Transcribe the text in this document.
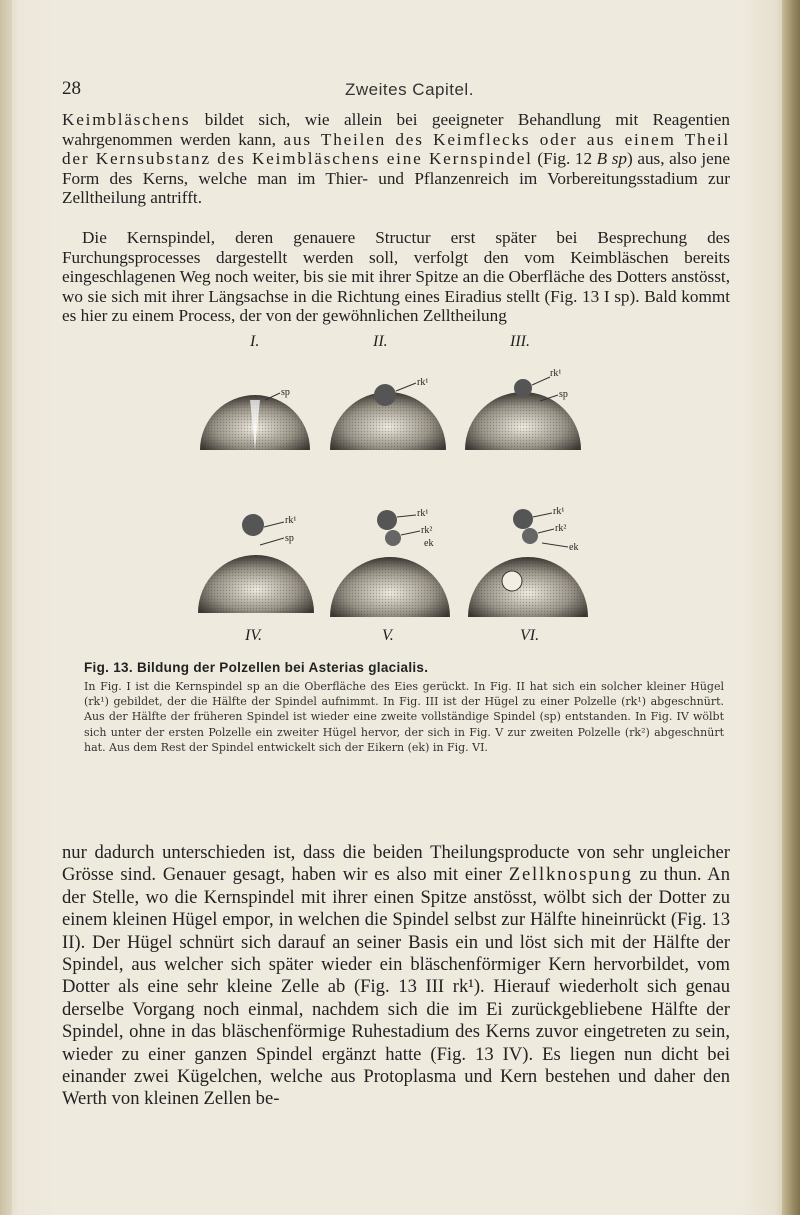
28	Zweites Capitel.
Keimbläschens bildet sich, wie allein bei geeigneter Behandlung mit Reagentien wahrgenommen werden kann, aus Theilen des Keimflecks oder aus einem Theil der Kernsubstanz des Keimbläschens eine Kernspindel (Fig. 12 B sp) aus, also jene Form des Kerns, welche man im Thier- und Pflanzenreich im Vorbereitungsstadium zur Zelltheilung antrifft.
Die Kernspindel, deren genauere Structur erst später bei Besprechung des Furchungsprocesses dargestellt werden soll, verfolgt den vom Keimbläschen bereits eingeschlagenen Weg noch weiter, bis sie mit ihrer Spitze an die Oberfläche des Dotters anstösst, wo sie sich mit ihrer Längsachse in die Richtung eines Eiradius stellt (Fig. 13 I sp). Bald kommt es hier zu einem Process, der von der gewöhnlichen Zelltheilung
sp
rk¹
rk¹
sp
rk¹
sp
rk¹
rk²
ek
rk¹
rk²
ek
I.	II.	III.
IV.	V.	VI.
Fig. 13. Bildung der Polzellen bei Asterias glacialis.
In Fig. I ist die Kernspindel sp an die Oberfläche des Eies gerückt. In Fig. II hat sich ein solcher kleiner Hügel (rk¹) gebildet, der die Hälfte der Spindel aufnimmt. In Fig. III ist der Hügel zu einer Polzelle (rk¹) abgeschnürt. Aus der Hälfte der früheren Spindel ist wieder eine zweite vollständige Spindel (sp) entstanden. In Fig. IV wölbt sich unter der ersten Polzelle ein zweiter Hügel hervor, der sich in Fig. V zur zweiten Polzelle (rk²) abgeschnürt hat. Aus dem Rest der Spindel entwickelt sich der Eikern (ek) in Fig. VI.
nur dadurch unterschieden ist, dass die beiden Theilungsproducte von sehr ungleicher Grösse sind. Genauer gesagt, haben wir es also mit einer Zellknospung zu thun. An der Stelle, wo die Kernspindel mit ihrer einen Spitze anstösst, wölbt sich der Dotter zu einem kleinen Hügel empor, in welchen die Spindel selbst zur Hälfte hineinrückt (Fig. 13 II). Der Hügel schnürt sich darauf an seiner Basis ein und löst sich mit der Hälfte der Spindel, aus welcher sich später wieder ein bläschenförmiger Kern hervorbildet, vom Dotter als eine sehr kleine Zelle ab (Fig. 13 III rk¹). Hierauf wiederholt sich genau derselbe Vorgang noch einmal, nachdem sich die im Ei zurückgebliebene Hälfte der Spindel, ohne in das bläschenförmige Ruhestadium des Kerns zuvor eingetreten zu sein, wieder zu einer ganzen Spindel ergänzt hatte (Fig. 13 IV). Es liegen nun dicht bei einander zwei Kügelchen, welche aus Protoplasma und Kern bestehen und daher den Werth von kleinen Zellen be-
